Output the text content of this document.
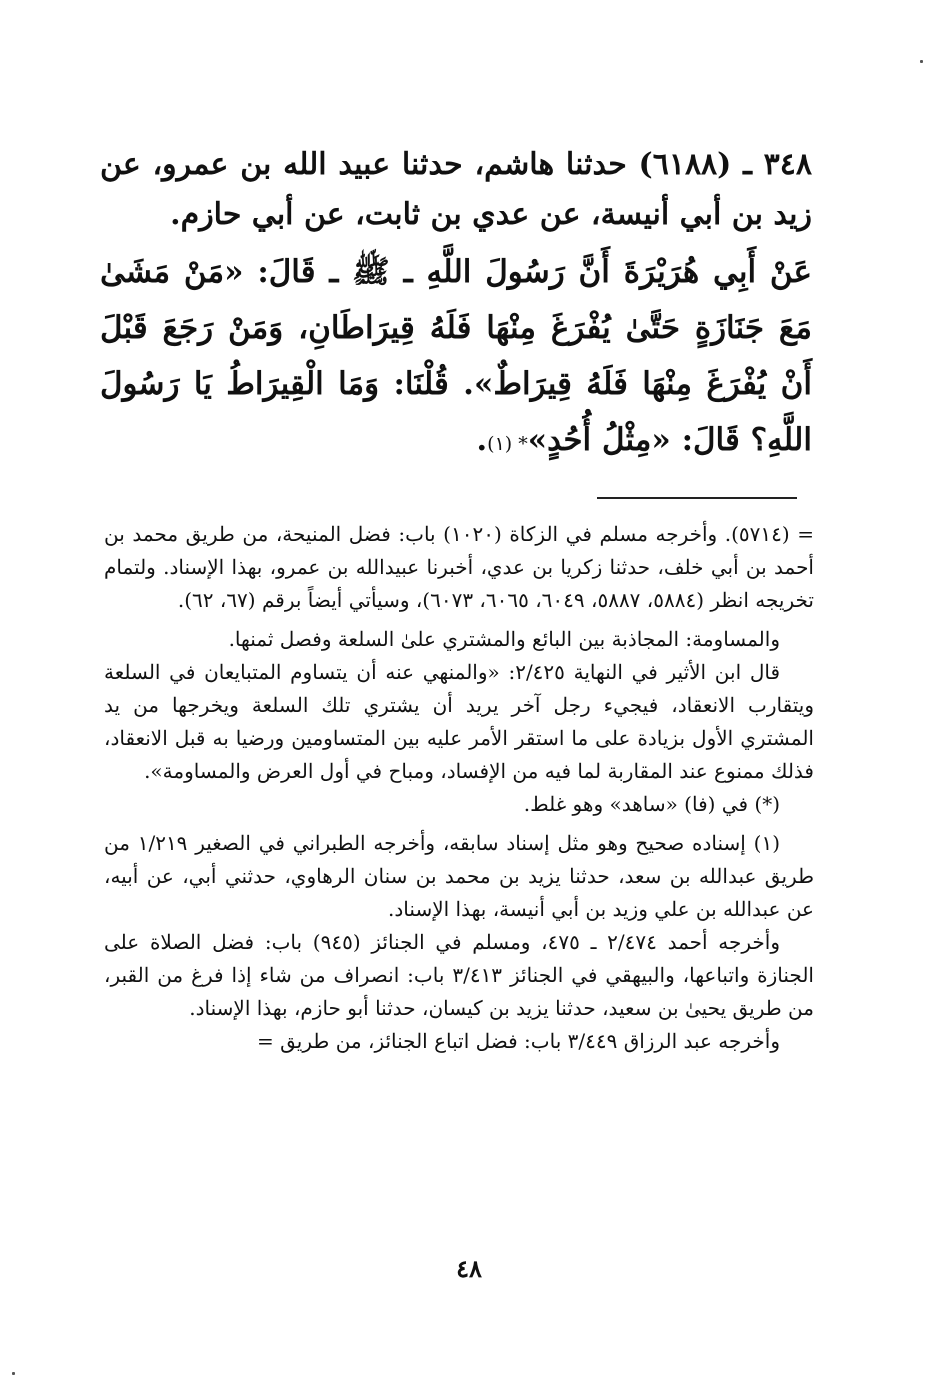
٣٤٨ ـ (٦١٨٨) حدثنا هاشم، حدثنا عبيد الله بن عمرو، عن زيد بن أبي أنيسة، عن عدي بن ثابت، عن أبي حازم.
عَنْ أَبِي هُرَيْرَةَ أَنَّ رَسُولَ اللَّهِ ـ ﷺ ـ قَالَ: «مَنْ مَشَىٰ مَعَ جَنَازَةٍ حَتَّىٰ يُفْرَغَ مِنْهَا فَلَهُ قِيرَاطَانِ، وَمَنْ رَجَعَ قَبْلَ أَنْ يُفْرَغَ مِنْهَا فَلَهُ قِيرَاطٌ». قُلْنَا: وَمَا الْقِيرَاطُ يَا رَسُولَ اللَّهِ؟ قَالَ: «مِثْلُ أُحُدٍ»* (١).

= (٥٧١٤). وأخرجه مسلم في الزكاة (١٠٢٠) باب: فضل المنيحة، من طريق محمد بن أحمد بن أبي خلف، حدثنا زكريا بن عدي، أخبرنا عبيدالله بن عمرو، بهذا الإسناد. ولتمام تخريجه انظر (٥٨٨٤، ٥٨٨٧، ٦٠٤٩، ٦٠٦٥، ٦٠٧٣)، وسيأتي أيضاً برقم (٦٧، ٦٢).

والمساومة: المجاذبة بين البائع والمشتري علىٰ السلعة وفصل ثمنها.

قال ابن الأثير في النهاية ٢/٤٢٥: «والمنهي عنه أن يتساوم المتبايعان في السلعة ويتقارب الانعقاد، فيجيء رجل آخر يريد أن يشتري تلك السلعة ويخرجها من يد المشتري الأول بزيادة على ما استقر الأمر عليه بين المتساومين ورضيا به قبل الانعقاد، فذلك ممنوع عند المقاربة لما فيه من الإفساد، ومباح في أول العرض والمساومة».

(*) في (فا) «ساهد» وهو غلط.

(١) إسناده صحيح وهو مثل إسناد سابقه، وأخرجه الطبراني في الصغير ١/٢١٩ من طريق عبدالله بن سعد، حدثنا يزيد بن محمد بن سنان الرهاوي، حدثني أبي، عن أبيه، عن عبدالله بن علي وزيد بن أبي أنيسة، بهذا الإسناد.

وأخرجه أحمد ٢/٤٧٤ ـ ٤٧٥، ومسلم في الجنائز (٩٤٥) باب: فضل الصلاة على الجنازة واتباعها، والبيهقي في الجنائز ٣/٤١٣ باب: انصراف من شاء إذا فرغ من القبر، من طريق يحيىٰ بن سعيد، حدثنا يزيد بن كيسان، حدثنا أبو حازم، بهذا الإسناد.

وأخرجه عبد الرزاق ٣/٤٤٩ باب: فضل اتباع الجنائز، من طريق =

٤٨
